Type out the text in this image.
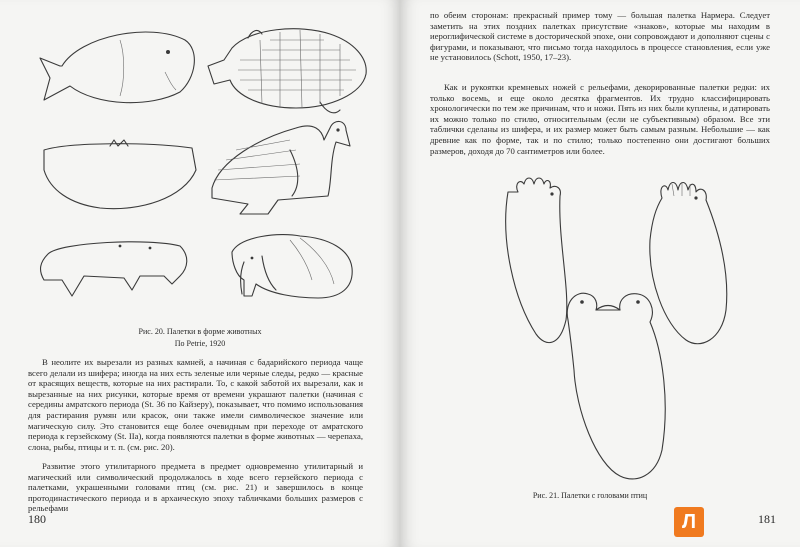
Рис. 20. Палетки в форме животных

По Petrie, 1920

В неолите их вырезали из разных камней, а начиная с бадарийского периода чаще всего делали из шифера; иногда на них есть зеленые или черные следы, редко — красные от красящих веществ, которые на них растирали. То, с какой заботой их вырезали, как и вырезанные на них рисунки, которые время от времени украшают палетки (начиная с середины амратского периода (St. 36 по Кайзеру), показывает, что помимо использования для растирания румян или красок, они также имели символическое значение или магическую силу. Это становится еще более очевидным при переходе от амратского периода к герзейскому (St. IIa), когда появляются палетки в форме животных — черепаха, слона, рыбы, птицы и т. п. (см. рис. 20).

Развитие этого утилитарного предмета в предмет одновременно утилитарный и магический или символический продолжалось в ходе всего герзейского периода с палетками, украшенными головами птиц (см. рис. 21) и завершилось в конце протодинастического периода и в архаическую эпоху табличками больших размеров с рельефами

180

по обеим сторонам: прекрасный пример тому — большая палетка Нармера. Следует заметить на этих поздних палетках присутствие «знаков», которые мы находим в иероглифической системе в досторической эпохе, они сопровождают и дополняют сцены с фигурами, и показывают, что письмо тогда находилось в процессе становления, если уже не установилось (Schott, 1950, 17–23).

Как и рукоятки кремневых ножей с рельефами, декорированные палетки редки: их только восемь, и еще около десятка фрагментов. Их трудно классифицировать хронологически по тем же причинам, что и ножи. Пять из них были куплены, и датировать их можно только по стилю, относительным (если не субъективным) образом. Все эти таблички сделаны из шифера, и их размер может быть самым разным. Небольшие — как древние как по форме, так и по стилю; только постепенно они достигают больших размеров, доходя до 70 сантиметров или более.

Рис. 21. Палетки с головами птиц

181
Л
